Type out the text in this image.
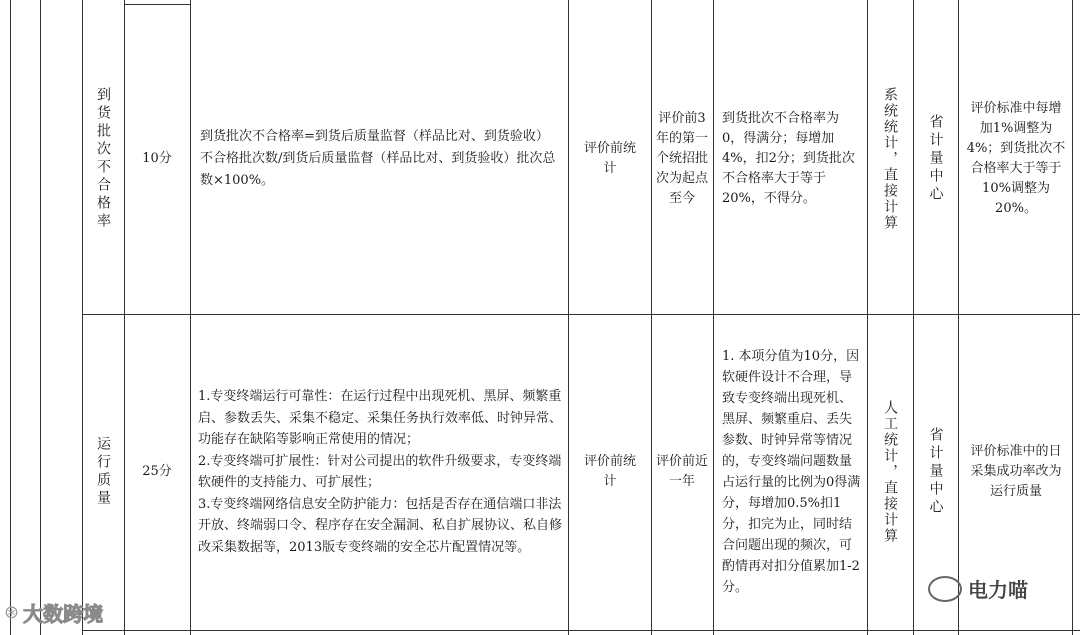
到货批次不合格率 10分
到货批次不合格率=到货后质量监督（样品比对、到货验收）不合格批次数/到货后质量监督（样品比对、到货验收）批次总数×100%。
评价前统计
评价前3年的第一个统招批次为起点至今
到货批次不合格率为0，得满分；每增加4%，扣2分；到货批次不合格率大于等于20%，不得分。	系统统计，直接计算 省计量中心
评价标准中每增加1%调整为4%；到货批次不合格率大于等于10%调整为20%。
运行质量 25分
1.专变终端运行可靠性：在运行过程中出现死机、黑屏、频繁重启、参数丢失、采集不稳定、采集任务执行效率低、时钟异常、功能存在缺陷等影响正常使用的情况；
2.专变终端可扩展性：针对公司提出的软件升级要求，专变终端软硬件的支持能力、可扩展性；
3.专变终端网络信息安全防护能力：包括是否存在通信端口非法开放、终端弱口令、程序存在安全漏洞、私自扩展协议、私自修改采集数据等，2013版专变终端的安全芯片配置情况等。
评价前统计
评价前近一年
1. 本项分值为10分，因软硬件设计不合理，导致专变终端出现死机、黑屏、频繁重启、丢失参数、时钟异常等情况的，专变终端问题数量占运行量的比例为0得满分，每增加0.5%扣1分，扣完为止，同时结合问题出现的频次，可酌情再对扣分值累加1-2分。
人工统计，直接计算 省计量中心	评价标准中的日采集成功率改为运行质量
⊛ 大数跨境
电力喵
